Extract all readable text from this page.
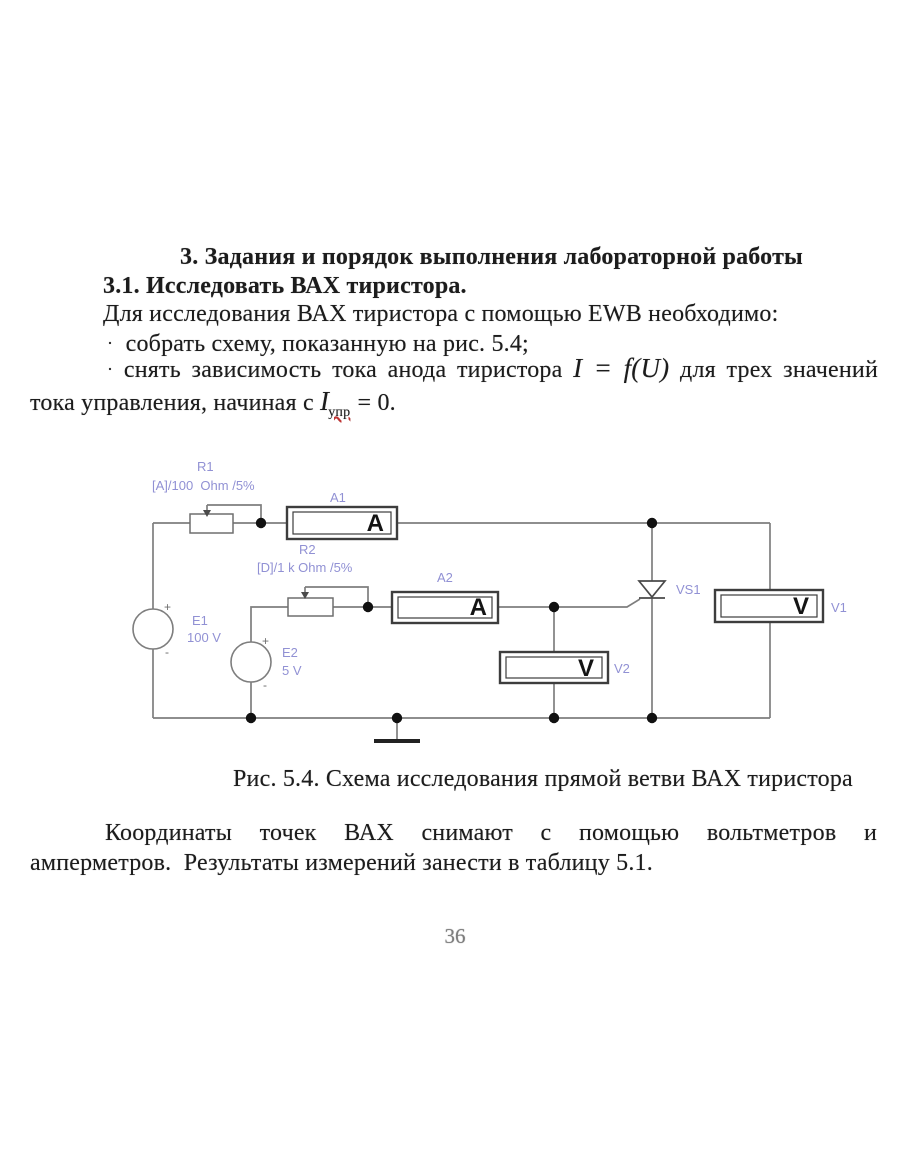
3. Задания и порядок выполнения лабораторной работы
3.1. Исследовать ВАХ тиристора.
Для исследования ВАХ тиристора с помощью EWB необходимо:
· собрать схему, показанную на рис. 5.4;
· снять зависимость тока анода тиристора I = f(U) для трех значений
тока управления, начиная с $I_{упр} = 0$.
A
A	V
V
+
-
+
-
R1
[A]/100  Ohm /5%
A1
R2
[D]/1 k Ohm /5%
A2
VS1
V1
V2
E1
100 V
E2
5 V
Рис. 5.4. Схема исследования прямой ветви ВАХ тиристора
Координаты точек ВАХ снимают с помощью вольтметров и
амперметров.  Результаты измерений занести в таблицу 5.1.
36
